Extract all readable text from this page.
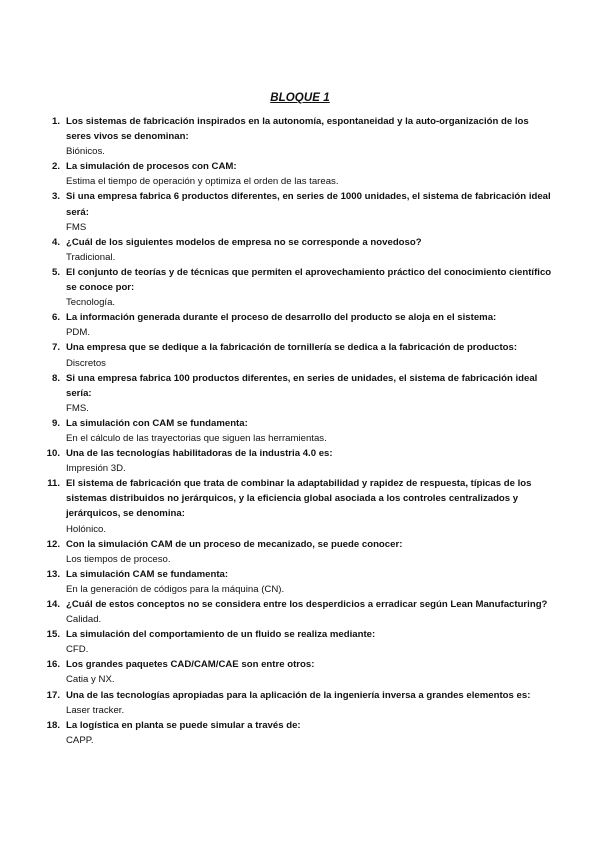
BLOQUE 1
1. Los sistemas de fabricación inspirados en la autonomía, espontaneidad y la auto-organización de los seres vivos se denominan:
Biónicos.
2. La simulación de procesos con CAM:
Estima el tiempo de operación y optimiza el orden de las tareas.
3. Si una empresa fabrica 6 productos diferentes, en series de 1000 unidades, el sistema de fabricación ideal será:
FMS
4. ¿Cuál de los siguientes modelos de empresa no se corresponde a novedoso?
Tradicional.
5. El conjunto de teorías y de técnicas que permiten el aprovechamiento práctico del conocimiento científico se conoce por:
Tecnología.
6. La información generada durante el proceso de desarrollo del producto se aloja en el sistema:
PDM.
7. Una empresa que se dedique a la fabricación de tornillería se dedica a la fabricación de productos:
Discretos
8. Si una empresa fabrica 100 productos diferentes, en series de unidades, el sistema de fabricación ideal sería:
FMS.
9. La simulación con CAM se fundamenta:
En el cálculo de las trayectorias que siguen las herramientas.
10. Una de las tecnologías habilitadoras de la industria 4.0 es:
Impresión 3D.
11. El sistema de fabricación que trata de combinar la adaptabilidad y rapidez de respuesta, típicas de los sistemas distribuidos no jerárquicos, y la eficiencia global asociada a los controles centralizados y jerárquicos, se denomina:
Holónico.
12. Con la simulación CAM de un proceso de mecanizado, se puede conocer:
Los tiempos de proceso.
13. La simulación CAM se fundamenta:
En la generación de códigos para la máquina (CN).
14. ¿Cuál de estos conceptos no se considera entre los desperdicios a erradicar según Lean Manufacturing?
Calidad.
15. La simulación del comportamiento de un fluido se realiza mediante:
CFD.
16. Los grandes paquetes CAD/CAM/CAE son entre otros:
Catia y NX.
17. Una de las tecnologías apropiadas para la aplicación de la ingeniería inversa a grandes elementos es:
Laser tracker.
18. La logística en planta se puede simular a través de:
CAPP.
